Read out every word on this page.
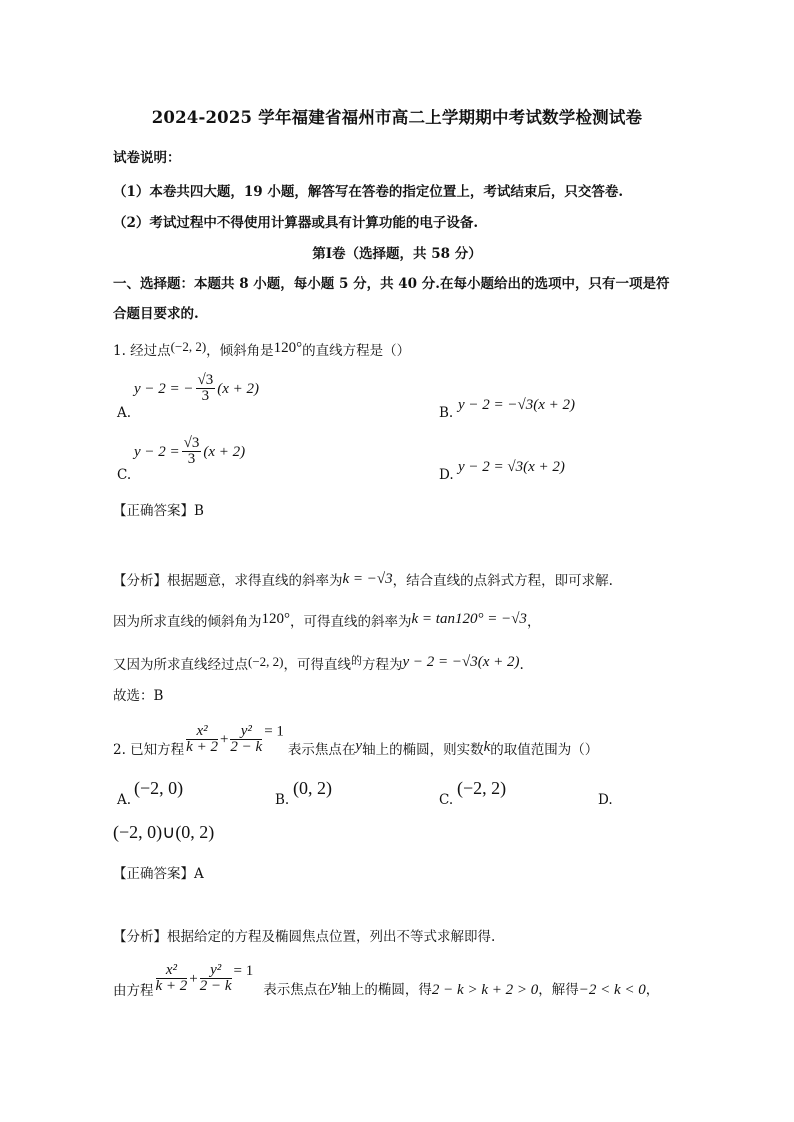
2024-2025 学年福建省福州市高二上学期期中考试数学检测试卷
试卷说明：
（1）本卷共四大题，19 小题，解答写在答卷的指定位置上，考试结束后，只交答卷.
（2）考试过程中不得使用计算器或具有计算功能的电子设备.
第Ⅰ卷（选择题，共 58 分）
一、选择题：本题共 8 小题，每小题 5 分，共 40 分.在每小题给出的选项中，只有一项是符
合题目要求的.
1. 经过点(−2, 2)，倾斜角是120°的直线方程是（）
A.
y − 2 = − $\frac{√3}{3} (x + 2)$
B. y − 2 = −√3(x + 2)
C.
$y - 2 = \frac{√3}{3} (x + 2)$
D. y − 2 = √3(x + 2)
【正确答案】B
【分析】根据题意，求得直线的斜率为k = −√3，结合直线的点斜式方程，即可求解.
因为所求直线的倾斜角为120°，可得直线的斜率为k = tan120° = −√3，
又因为所求直线经过点(−2, 2)，可得直线$^的$方程为y − 2 = −√3(x + 2).
故选：B
2. 已知方程 $\frac{\text{x²}}{k + 2} + \frac{\text{y²}}{2 - k} = 1$表示焦点在y轴上的椭圆，则实数k的取值范围为（）
A.
(−2, 0)
B.
(0, 2)
C.
(−2, 2)
D.
(−2, 0)∪(0, 2)
【正确答案】A
【分析】根据给定的方程及椭圆焦点位置，列出不等式求解即得.
由方程 $\frac{\text{x²}}{k + 2} + \frac{\text{y²}}{2 - k} = 1$表示焦点在y轴上的椭圆，得2 − k > k + 2 > 0，解得−2 < k < 0，
